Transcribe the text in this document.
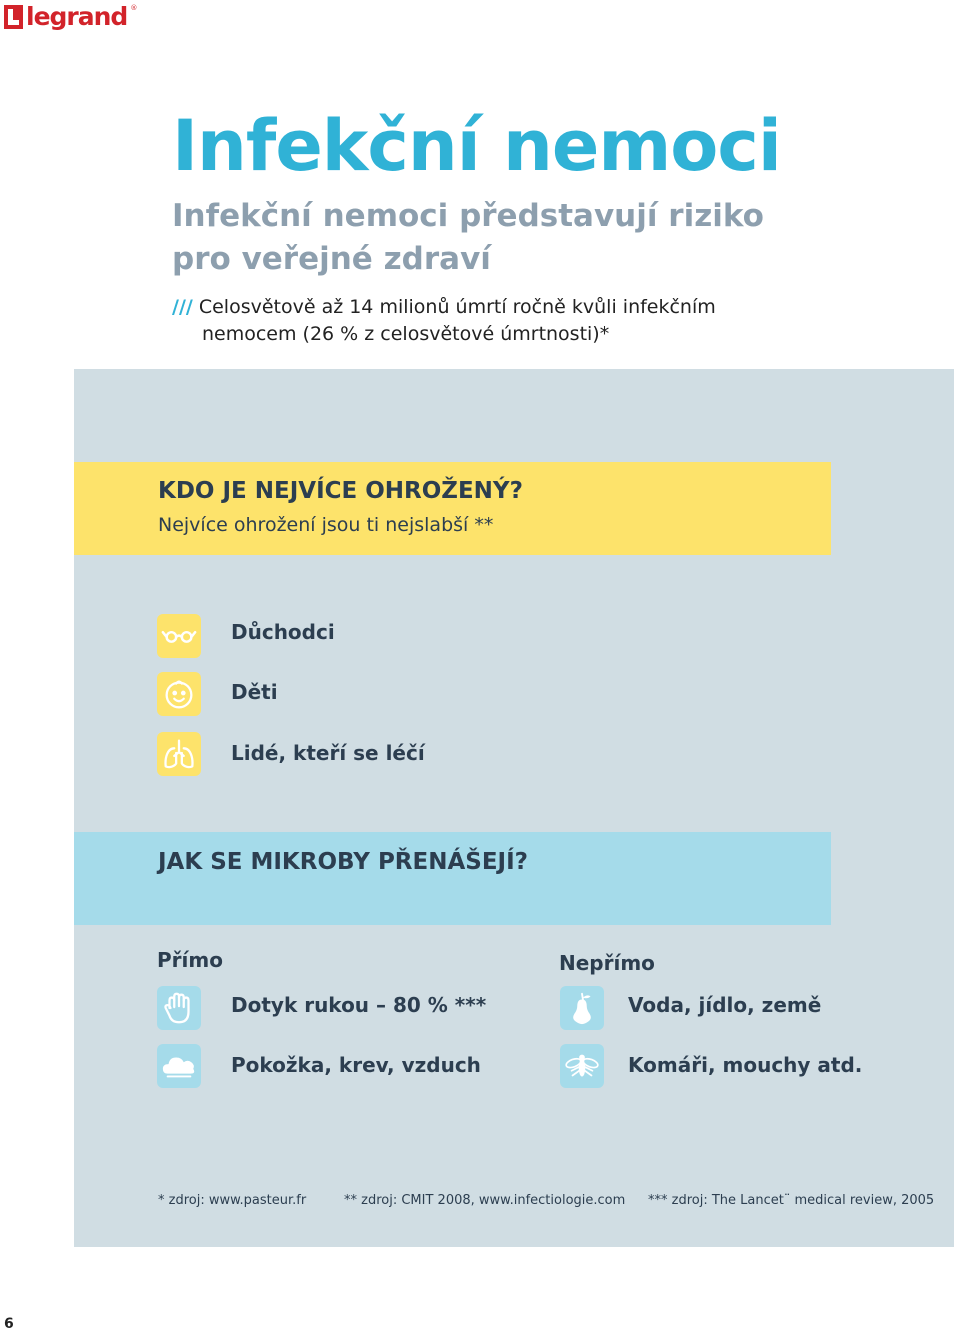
legrand ®
Infekční nemoci

Infekční nemoci představují riziko pro veřejné zdraví

/// Celosvětově až 14 milionů úmrtí ročně kvůli infekčním
nemocem (26 % z celosvětové úmrtnosti)*
KDO JE NEJVÍCE OHROŽENÝ?
Nejvíce ohrožení jsou ti nejslabší **
Důchodci
Děti
Lidé, kteří se léčí
JAK SE MIKROBY PŘENÁŠEJÍ?
Přímo	Nepřímo
Dotyk rukou – 80 % ***
Pokožka, krev, vzduch
Voda, jídlo, země
Komáři, mouchy atd.
* zdroj: www.pasteur.fr	** zdroj: CMIT 2008, www.infectiologie.com *** zdroj: The Lancet¨ medical review, 2005
6
